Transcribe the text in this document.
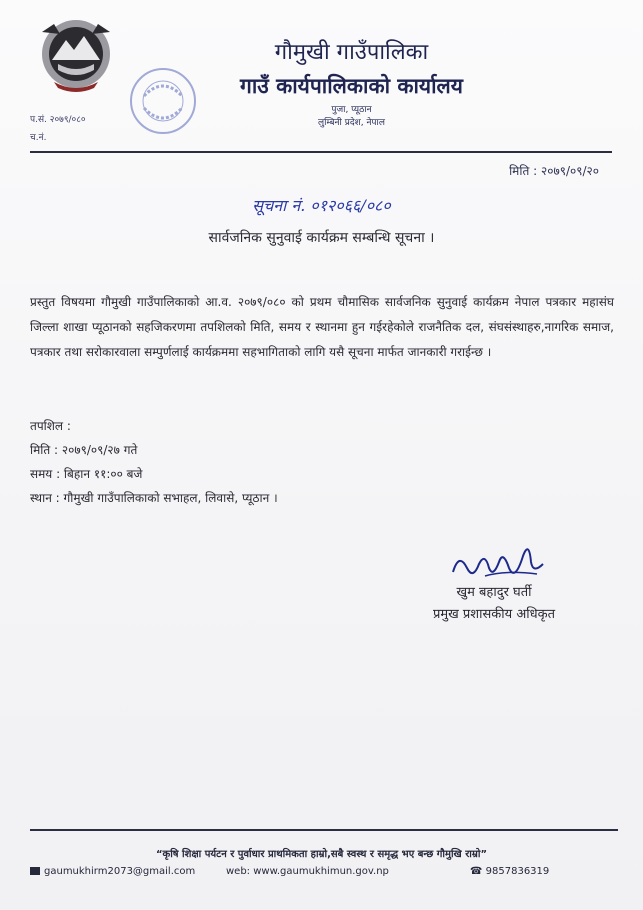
गौमुखी गाउँपालिका
गाउँ कार्यपालिकाको कार्यालय
पुजा, प्यूठान
लुम्बिनी प्रदेश, नेपाल
प.सं. २०७९/०८०
च.नं.
मिति : २०७९/०९/२०
सूचना नं. ०१२०६६/०८०
सार्वजनिक सुनुवाई कार्यक्रम सम्बन्धि सूचना ।
प्रस्तुत विषयमा गौमुखी गाउँपालिकाको आ.व. २०७९/०८० को प्रथम चौमासिक सार्वजनिक सुनुवाई कार्यक्रम नेपाल पत्रकार महासंघ जिल्ला शाखा प्यूठानको सहजिकरणमा तपशिलको मिति, समय र स्थानमा हुन गईरहेकोले राजनैतिक दल, संघसंस्थाहरु,नागरिक समाज, पत्रकार तथा सरोकारवाला सम्पुर्णलाई कार्यक्रममा सहभागिताको लागि यसै सूचना मार्फत जानकारी गराईन्छ ।
तपशिल :
मिति : २०७९/०९/२७ गते
समय : बिहान ११:०० बजे
स्थान : गौमुखी गाउँपालिकाको सभाहल, लिवासे, प्यूठान ।
खुम बहादुर घर्ती
प्रमुख प्रशासकीय अधिकृत
“कृषि शिक्षा पर्यटन र पुर्वाधार प्राथमिकता हाम्रो,सबै स्वस्थ र समृद्ध भए बन्छ गौमुखि राम्रो”
gaumukhirm2073@gmail.com	web: www.gaumukhimun.gov.np	☎ 9857836319
